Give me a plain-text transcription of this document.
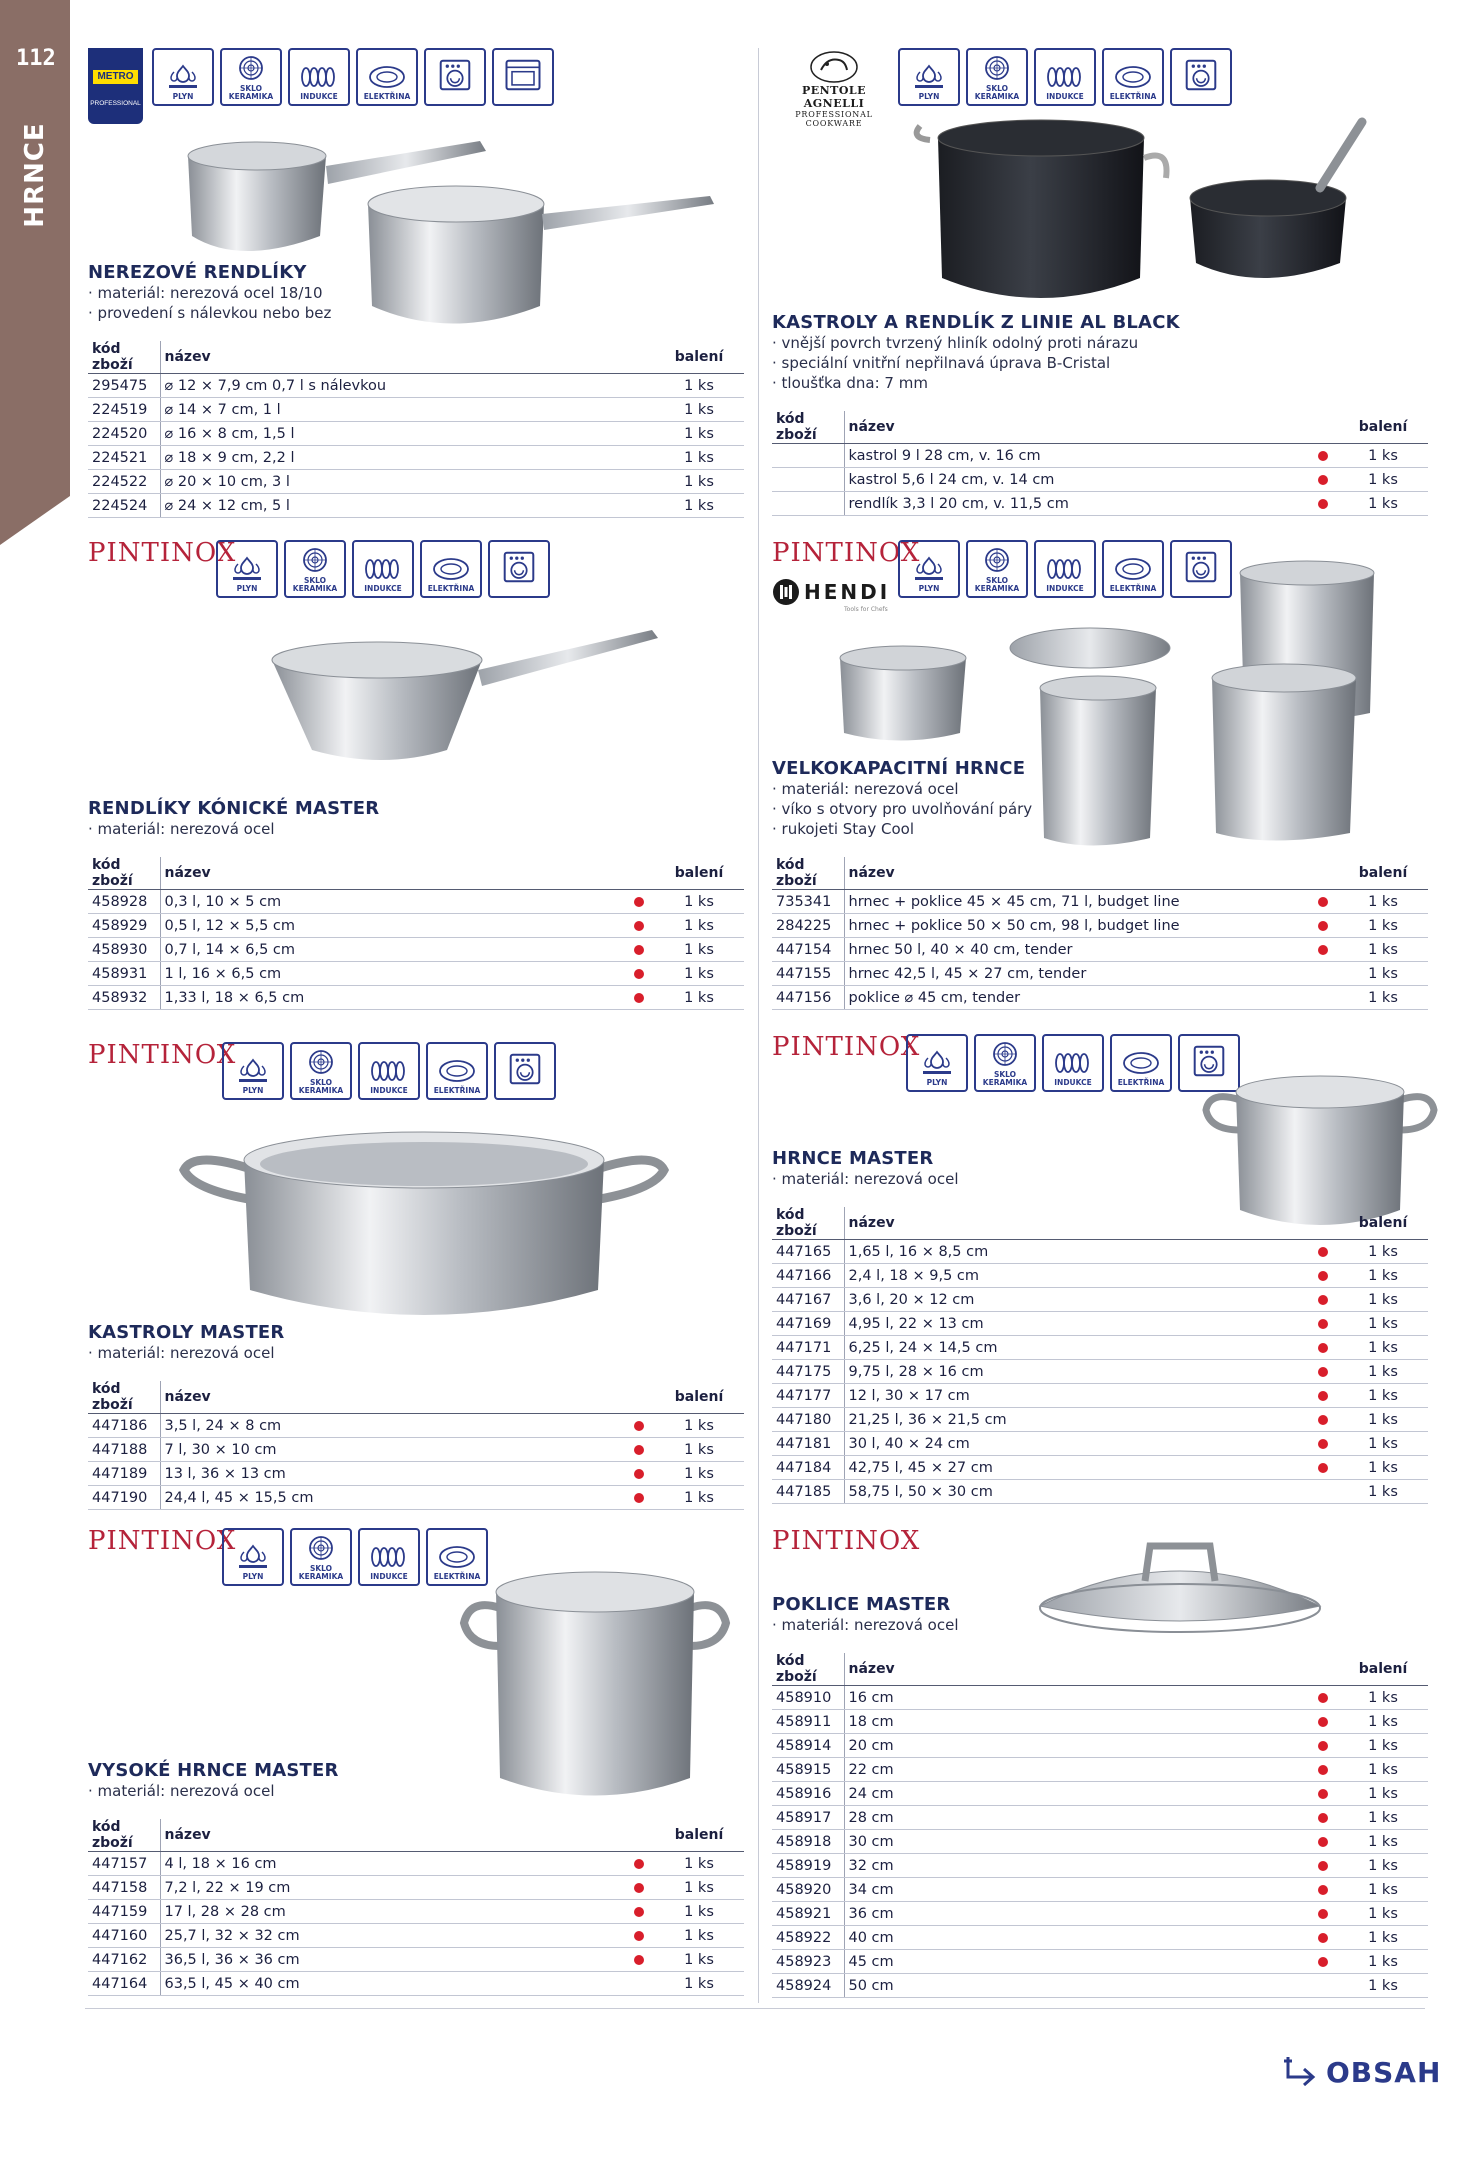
112
HRNCE
METRO
PROFESSIONAL
PENTOLE AGNELLI
PROFESSIONAL COOKWARE
PINTINOX	PINTINOX
PINTINOX	PINTINOX
PINTINOX	PINTINOX
HENDI
Tools for Chefs
PLYN
SKLO KERAMIKA	INDUKCE	ELEKTŘINA	PLYN
SKLO KERAMIKA	INDUKCE	ELEKTŘINA
PLYN
SKLO KERAMIKA	INDUKCE	ELEKTŘINA	PLYN
SKLO KERAMIKA	INDUKCE	ELEKTŘINA
PLYN
SKLO KERAMIKA	INDUKCE	ELEKTŘINA
PLYN
SKLO KERAMIKA	INDUKCE	ELEKTŘINA
PLYN
SKLO KERAMIKA	INDUKCE	ELEKTŘINA
NEREZOVÉ RENDLÍKY
· materiál: nerezová ocel 18/10
· provedení s nálevkou nebo bez
kód zboží	název		balení
295475	⌀ 12 × 7,9 cm 0,7 l s nálevkou		1 ks
224519	⌀ 14 × 7 cm, 1 l		1 ks
224520	⌀ 16 × 8 cm, 1,5 l		1 ks
224521	⌀ 18 × 9 cm, 2,2 l		1 ks
224522	⌀ 20 × 10 cm, 3 l		1 ks
224524	⌀ 24 × 12 cm, 5 l		1 ks
KASTROLY A RENDLÍK Z LINIE AL BLACK
· vnější povrch tvrzený hliník odolný proti nárazu
· speciální vnitřní nepřilnavá úprava B-Cristal
· tloušťka dna: 7 mm
kód zboží	název		balení
	kastrol 9 l 28 cm, v. 16 cm		1 ks
	kastrol 5,6 l 24 cm, v. 14 cm		1 ks
	rendlík 3,3 l 20 cm, v. 11,5 cm		1 ks
RENDLÍKY KÓNICKÉ MASTER
· materiál: nerezová ocel
kód zboží	název		balení
458928	0,3 l, 10 × 5 cm		1 ks
458929	0,5 l, 12 × 5,5 cm		1 ks
458930	0,7 l, 14 × 6,5 cm		1 ks
458931	1 l, 16 × 6,5 cm		1 ks
458932	1,33 l, 18 × 6,5 cm		1 ks
VELKOKAPACITNÍ HRNCE
· materiál: nerezová ocel
· víko s otvory pro uvolňování páry
· rukojeti Stay Cool
kód zboží	název		balení
735341	hrnec + poklice 45 × 45 cm, 71 l, budget line		1 ks
284225	hrnec + poklice 50 × 50 cm, 98 l, budget line		1 ks
447154	hrnec 50 l, 40 × 40 cm, tender		1 ks
447155	hrnec 42,5 l, 45 × 27 cm, tender		1 ks
447156	poklice ⌀ 45 cm, tender		1 ks
KASTROLY MASTER
· materiál: nerezová ocel
kód zboží	název		balení
447186	3,5 l, 24 × 8 cm		1 ks
447188	7 l, 30 × 10 cm		1 ks
447189	13 l, 36 × 13 cm		1 ks
447190	24,4 l, 45 × 15,5 cm		1 ks
HRNCE MASTER
· materiál: nerezová ocel
kód zboží	název		balení
447165	1,65 l, 16 × 8,5 cm		1 ks
447166	2,4 l, 18 × 9,5 cm		1 ks
447167	3,6 l, 20 × 12 cm		1 ks
447169	4,95 l, 22 × 13 cm		1 ks
447171	6,25 l, 24 × 14,5 cm		1 ks
447175	9,75 l, 28 × 16 cm		1 ks
447177	12 l, 30 × 17 cm		1 ks
447180	21,25 l, 36 × 21,5 cm		1 ks
447181	30 l, 40 × 24 cm		1 ks
447184	42,75 l, 45 × 27 cm		1 ks
447185	58,75 l, 50 × 30 cm		1 ks
VYSOKÉ HRNCE MASTER
· materiál: nerezová ocel
kód zboží	název		balení
447157	4 l, 18 × 16 cm		1 ks
447158	7,2 l, 22 × 19 cm		1 ks
447159	17 l, 28 × 28 cm		1 ks
447160	25,7 l, 32 × 32 cm		1 ks
447162	36,5 l, 36 × 36 cm		1 ks
447164	63,5 l, 45 × 40 cm		1 ks
POKLICE MASTER
· materiál: nerezová ocel
kód zboží	název		balení
458910	16 cm		1 ks
458911	18 cm		1 ks
458914	20 cm		1 ks
458915	22 cm		1 ks
458916	24 cm		1 ks
458917	28 cm		1 ks
458918	30 cm		1 ks
458919	32 cm		1 ks
458920	34 cm		1 ks
458921	36 cm		1 ks
458922	40 cm		1 ks
458923	45 cm		1 ks
458924	50 cm		1 ks
OBSAH
